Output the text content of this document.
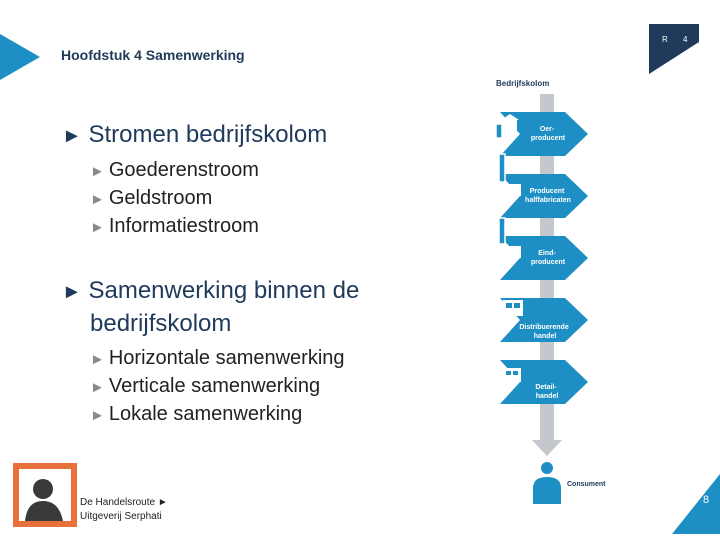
Hoofdstuk 4 Samenwerking
R 4
► Stromen bedrijfskolom
► Goederenstroom
► Geldstroom
► Informatiestroom
► Samenwerking binnen de
bedrijfskolom
► Horizontale samenwerking
► Verticale samenwerking
► Lokale samenwerking
Bedrijfskolom
Oer- producent
Producent halffabricaten
Eind- producent
Distribuerende handel
Detail- handel
Consument
De Handelsroute ►
Uitgeverij Serphati
8
